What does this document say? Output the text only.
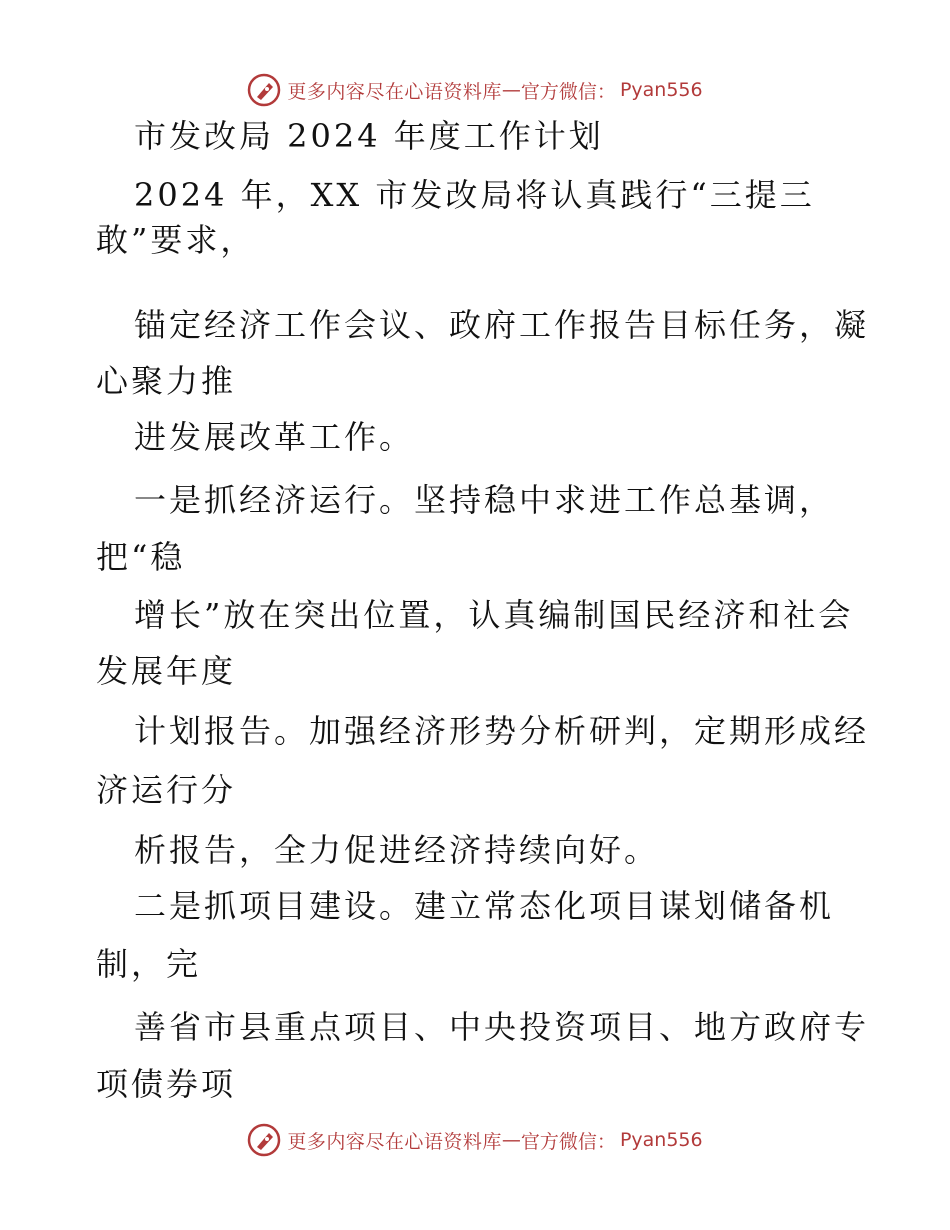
更多内容尽在心语资料库 — 官方微信： Pyan556
市发改局 2024 年度工作计划
2024 年，XX 市发改局将认真践行“三提三
敢”要求，
锚定经济工作会议、政府工作报告目标任务，凝
心聚力推
进发展改革工作。
一是抓经济运行。坚持稳中求进工作总基调，
把“稳
增长”放在突出位置，认真编制国民经济和社会
发展年度
计划报告。加强经济形势分析研判，定期形成经
济运行分
析报告，全力促进经济持续向好。
二是抓项目建设。建立常态化项目谋划储备机
制，完
善省市县重点项目、中央投资项目、地方政府专
项债券项
更多内容尽在心语资料库 — 官方微信： Pyan556
